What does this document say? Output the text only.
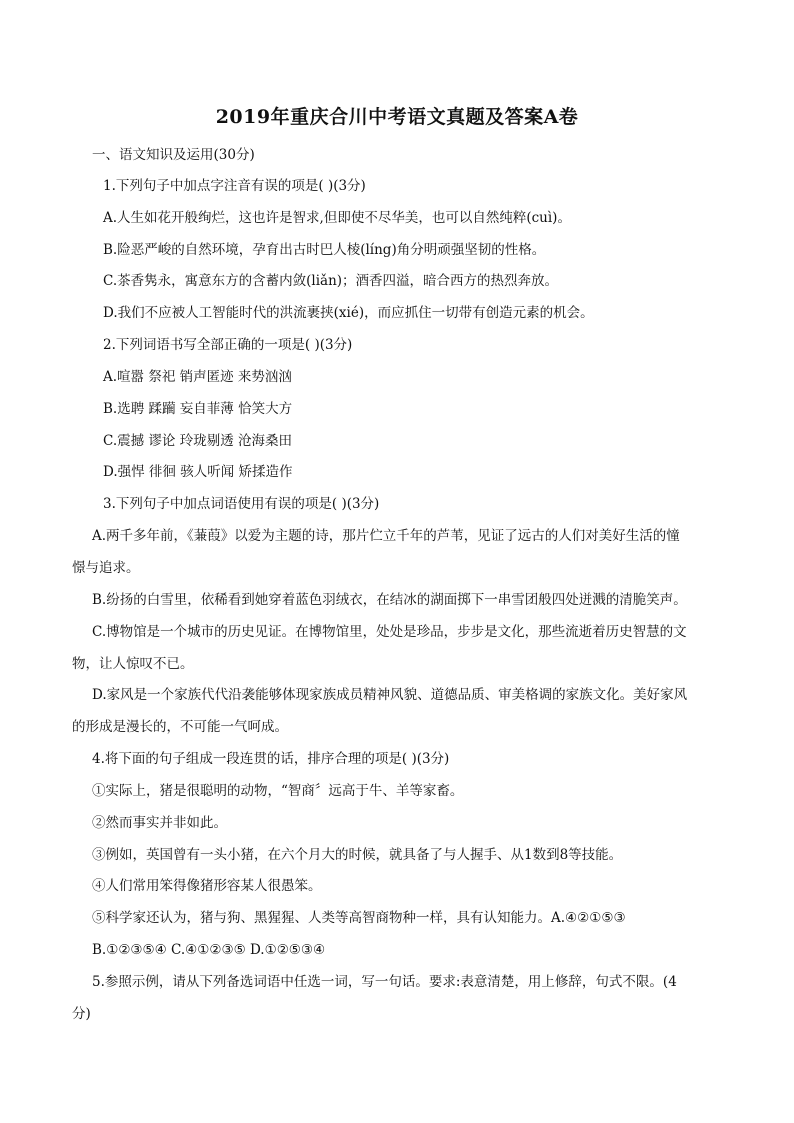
2019年重庆合川中考语文真题及答案A卷
一、语文知识及运用(30分)
1.下列句子中加点字注音有误的项是( )(3分)
A.人生如花开般绚烂，这也许是智求,但即使不尽华美，也可以自然纯粹(cuì)。
B.险恶严峻的自然环境，孕育出古时巴人棱(líng)角分明顽强坚韧的性格。
C.茶香隽永，寓意东方的含蓄内敛(liǎn)；酒香四溢，暗合西方的热烈奔放。
D.我们不应被人工智能时代的洪流裹挟(xié)，而应抓住一切带有创造元素的机会。
2.下列词语书写全部正确的一项是( )(3分)
A.喧嚣 祭祀 销声匿迹 来势汹汹
B.选聘 蹂躏 妄自菲薄 恰笑大方
C.震撼 谬论 玲珑剔透 沧海桑田
D.强悍 徘徊 骇人听闻 矫揉造作
3.下列句子中加点词语使用有误的项是( )(3分)
A.两千多年前，《蒹葭》以爱为主题的诗，那片伫立千年的芦苇，见证了远古的人们对美好生活的憧
憬与追求。
B.纷扬的白雪里，依稀看到她穿着蓝色羽绒衣，在结冰的湖面掷下一串雪团般四处迸溅的清脆笑声。
C.博物馆是一个城市的历史见证。在博物馆里，处处是珍品，步步是文化，那些流逝着历史智慧的文
物，让人惊叹不已。
D.家风是一个家族代代沿袭能够体现家族成员精神风貌、道德品质、审美格调的家族文化。美好家风
的形成是漫长的，不可能一气呵成。
4.将下面的句子组成一段连贯的话，排序合理的项是( )(3分)
①实际上，猪是很聪明的动物，“智商〞远高于牛、羊等家畜。
②然而事实并非如此。
③例如，英国曾有一头小猪，在六个月大的时候，就具备了与人握手、从1数到8等技能。
④人们常用笨得像猪形容某人很愚笨。
⑤科学家还认为，猪与狗、黑猩猩、人类等高智商物种一样，具有认知能力。A.④②①⑤③
B.①②③⑤④ C.④①②③⑤ D.①②⑤③④
5.参照示例，请从下列备选词语中任选一词，写一句话。要求:表意清楚，用上修辞，句式不限。(4
分)
